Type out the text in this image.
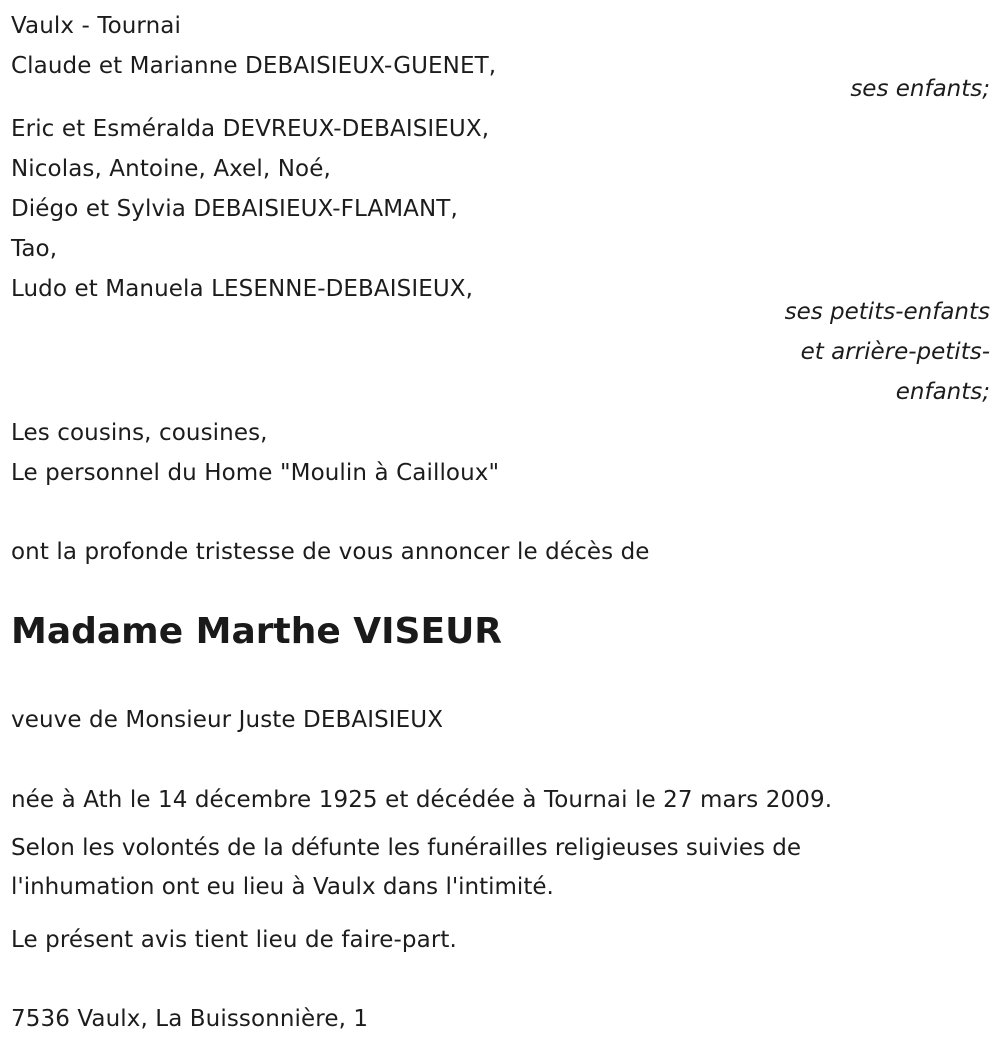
Vaulx - Tournai
Claude et Marianne DEBAISIEUX-GUENET,
ses enfants;
Eric et Esméralda DEVREUX-DEBAISIEUX,
Nicolas, Antoine, Axel, Noé,
Diégo et Sylvia DEBAISIEUX-FLAMANT,
Tao,
Ludo et Manuela LESENNE-DEBAISIEUX,
ses petits-enfants
et arrière-petits-
enfants;
Les cousins, cousines,
Le personnel du Home "Moulin à Cailloux"
ont la profonde tristesse de vous annoncer le décès de
Madame Marthe VISEUR
veuve de Monsieur Juste DEBAISIEUX
née à Ath le 14 décembre 1925 et décédée à Tournai le 27 mars 2009.
Selon les volontés de la défunte les funérailles religieuses suivies de l'inhumation ont eu lieu à Vaulx dans l'intimité.
Le présent avis tient lieu de faire-part.
7536 Vaulx, La Buissonnière, 1
